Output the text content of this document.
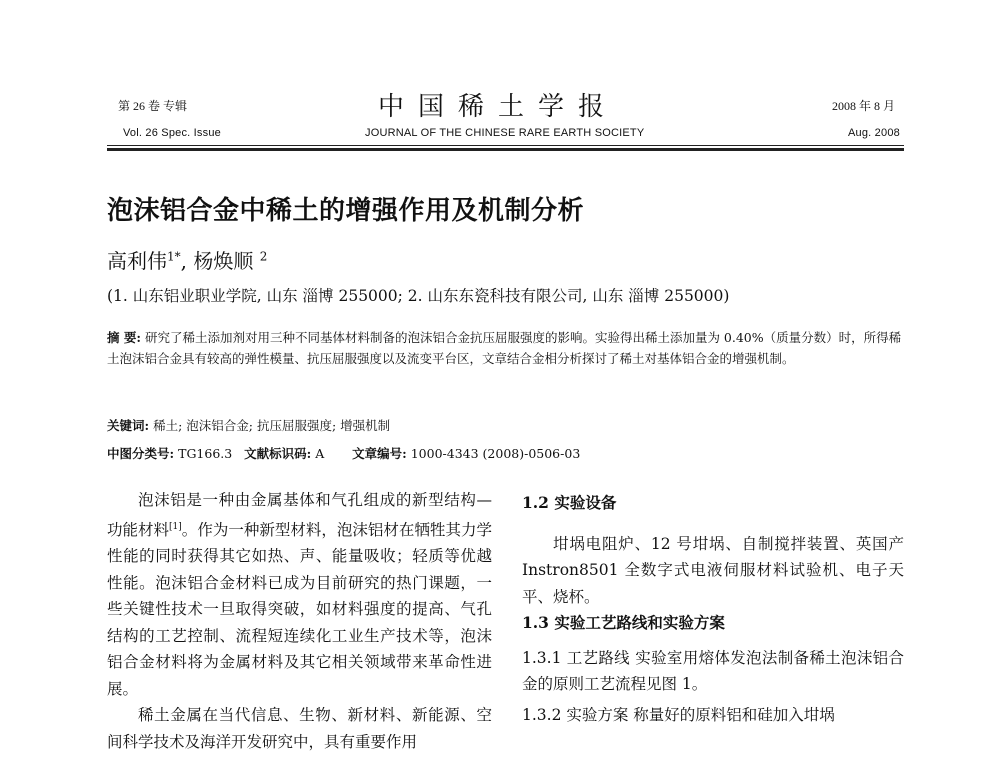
第 26 卷 专辑	中国稀土学报	2008 年 8 月
Vol. 26 Spec. Issue	JOURNAL OF THE CHINESE RARE EARTH SOCIETY	Aug. 2008
泡沫铝合金中稀土的增强作用及机制分析
高利伟$^{1*}$, 杨焕顺 $^2$
(1. 山东铝业职业学院, 山东 淄博 255000; 2. 山东东瓷科技有限公司, 山东 淄博 255000)
摘 要: 研究了稀土添加剂对用三种不同基体材料制备的泡沫铝合金抗压屈服强度的影响。实验得出稀土添加量为 0.40%（质量分数）时，所得稀土泡沫铝合金具有较高的弹性模量、抗压屈服强度以及流变平台区，文章结合金相分析探讨了稀土对基体铝合金的增强机制。
关键词: 稀土; 泡沫铝合金; 抗压屈服强度; 增强机制
中图分类号: TG166.3 文献标识码: A 文章编号: 1000-4343 (2008)-0506-03

泡沫铝是一种由金属基体和气孔组成的新型结构—功能材料[1]。作为一种新型材料，泡沫铝材在牺牲其力学性能的同时获得其它如热、声、能量吸收；轻质等优越性能。泡沫铝合金材料已成为目前研究的热门课题，一些关键性技术一旦取得突破，如材料强度的提高、气孔结构的工艺控制、流程短连续化工业生产技术等，泡沫铝合金材料将为金属材料及其它相关领域带来革命性进展。

稀土金属在当代信息、生物、新材料、新能源、空间科学技术及海洋开发研究中，具有重要作用

1.2 实验设备

坩埚电阻炉、12 号坩埚、自制搅拌装置、英国产 Instron8501 全数字式电液伺服材料试验机、电子天平、烧杯。

1.3 实验工艺路线和实验方案

1.3.1 工艺路线 实验室用熔体发泡法制备稀土泡沫铝合金的原则工艺流程见图 1。

1.3.2 实验方案 称量好的原料铝和硅加入坩埚
